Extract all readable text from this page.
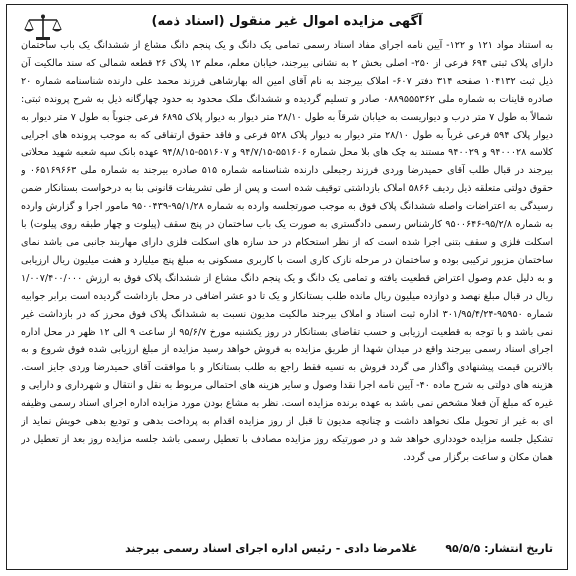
آگهی مزایده اموال غیر منقول (اسناد ذمه)
به استناد مواد ۱۲۱ و ۱۲۲- آیین نامه اجرای مفاد اسناد رسمی تمامی یک دانگ و یک پنجم دانگ مشاع از ششدانگ یک باب ساختمان دارای پلاک ثبتی ۶۹۴ فرعی از ۲۵۰- اصلی بخش ۲ به نشانی بیرجند، خیابان معلم، معلم ۱۲ پلاک ۲۶ قطعه شمالی که سند مالکیت آن ذیل ثبت ۱۰۴۱۳۲ صفحه ۳۱۴ دفتر ۶۰۷- املاک بیرجند به نام آقای امین اله بهارشاهی فرزند محمد علی دارنده شناسنامه شماره ۲۰ صادره قاینات به شماره ملی ۰۸۸۹۵۵۵۳۶۲ صادر و تسلیم گردیده و ششدانگ ملک محدود به حدود چهارگانه ذیل به شرح پرونده ثبتی: شمالاً به طول ۷ متر درب و دیواریست به خیابان شرقاً به طول ۲۸/۱۰ متر دیوار به دیوار پلاک ۶۸۹۵ فرعی جنوباً به طول ۷ متر دیوار به دیوار پلاک ۵۹۴ فرعی غرباً به طول ۲۸/۱۰ متر دیوار به دیوار پلاک ۵۲۸ فرعی و فاقد حقوق ارتفاقی که به موجب پرونده های اجرایی کلاسه ۹۴۰۰۰۲۸ و ۹۴۰۰۲۹ مستند به چک های بلا محل شماره ۵۵۱۶۰۶-۹۴/۷/۱۵ و ۵۵۱۶۰۷-۹۴/۸/۱۵ عهده بانک سپه شعبه شهید محلاتی بیرجند در قبال طلب آقای حمیدرضا وردی فرزند رجبعلی دارنده شناسنامه شماره ۵۱۵ صادره بیرجند به شماره ملی ۰۶۵۱۶۹۶۶۳ و حقوق دولتی متعلقه ذیل ردیف ۵۸۶۶ املاک بازداشتی توقیف شده است و پس از طی تشریفات قانونی بنا به درخواست بستانکار ضمن رسیدگی به اعتراضات واصله ششدانگ پلاک فوق به موجب صورتجلسه وارده به شماره ۹۵/۱/۲۸-۹۵۰۰۴۳۹ مامور اجرا و گزارش وارده به شماره ۹۵/۲/۸-۹۵۰۰۶۴۶ کارشناس رسمی دادگستری به صورت یک باب ساختمان در پنج سقف (پیلوت و چهار طبقه روی پیلوت) با اسکلت فلزی و سقف بتنی اجرا شده است که از نظر استحکام در حد سازه های اسکلت فلزی دارای مهاربند جانبی می باشد نمای ساختمان مزبور ترکیبی بوده و ساختمان در مرحله نازک کاری است با کاربری مسکونی به مبلغ پنج میلیارد و هفت میلیون ریال ارزیابی و به دلیل عدم وصول اعتراض قطعیت یافته و تمامی یک دانگ و یک پنجم دانگ مشاع از ششدانگ پلاک فوق به ارزش ۱/۰۰۷/۴۰۰/۰۰۰ ریال در قبال مبلغ نهصد و دوازده میلیون ریال مانده طلب بستانکار و یک تا دو عشر اضافی در محل بازداشت گردیده است برابر جوابیه شماره ۹۵۹۵۰-۳۰۱/۹۵/۴/۲۴ اداره ثبت اسناد و املاک بیرجند مالکیت مدیون نسبت به ششدانگ پلاک فوق محرز که در بازداشت غیر نمی باشد و با توجه به قطعیت ارزیابی و حسب تقاضای بستانکار در روز یکشنبه مورخ ۹۵/۶/۷ از ساعت ۹ الی ۱۲ ظهر در محل اداره اجرای اسناد رسمی بیرجند واقع در میدان شهدا از طریق مزایده به فروش خواهد رسید مزایده از مبلغ ارزیابی شده فوق شروع و به بالاترین قیمت پیشنهادی واگذار می گردد فروش به نسیه فقط راجع به طلب بستانکار و با موافقت آقای حمیدرضا وردی جایز است. هزینه های دولتی به شرح ماده ۴۰- آیین نامه اجرا نقدا وصول و سایر هزینه های احتمالی مربوط به نقل و انتقال و شهرداری و دارایی و غیره که مبلغ آن فعلا مشخص نمی باشد به عهده برنده مزایده است. نظر به مشاع بودن مورد مزایده اداره اجرای اسناد رسمی وظیفه ای به غیر از تحویل ملک نخواهد داشت و چنانچه مدیون تا قبل از روز مزایده اقدام به پرداخت بدهی و تودیع بدهی خویش نماید از تشکیل جلسه مزایده خودداری خواهد شد و در صورتیکه روز مزایده مصادف با تعطیل رسمی باشد جلسه مزایده روز بعد از تعطیل در همان مکان و ساعت برگزار می گردد.
تاریخ انتشار: ۹۵/۵/۵
غلامرضا دادی - رئیس اداره اجرای اسناد رسمی بیرجند
